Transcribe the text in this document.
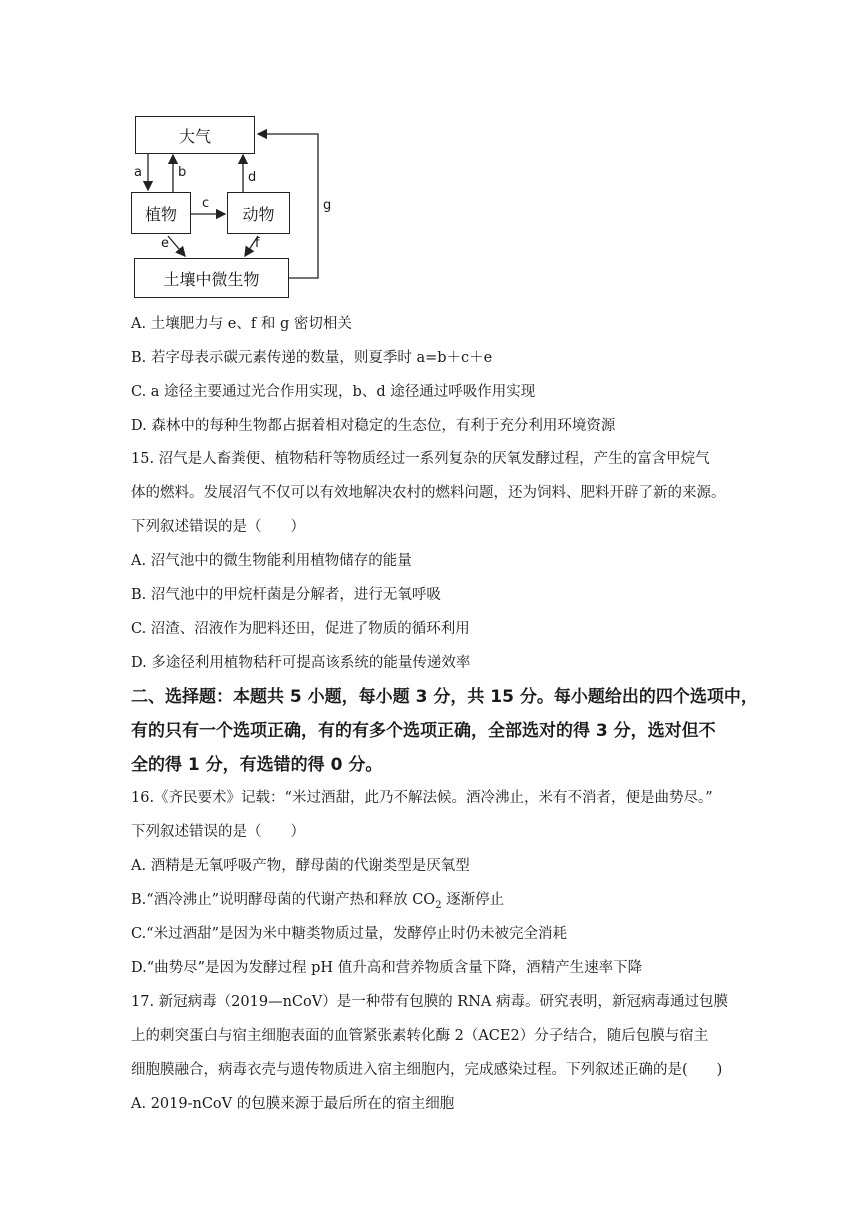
大气
植物	动物
土壤中微生物
a	b
c
d
e	f
g
A. 土壤肥力与 e、f 和 g 密切相关
B. 若字母表示碳元素传递的数量，则夏季时 a=b＋c＋e
C. a 途径主要通过光合作用实现，b、d 途径通过呼吸作用实现
D. 森林中的每种生物都占据着相对稳定的生态位，有利于充分利用环境资源
15. 沼气是人畜粪便、植物秸秆等物质经过一系列复杂的厌氧发酵过程，产生的富含甲烷气
体的燃料。发展沼气不仅可以有效地解决农村的燃料问题，还为饲料、肥料开辟了新的来源。
下列叙述错误的是（　　）
A. 沼气池中的微生物能利用植物储存的能量
B. 沼气池中的甲烷杆菌是分解者，进行无氧呼吸
C. 沼渣、沼液作为肥料还田，促进了物质的循环利用
D. 多途径利用植物秸秆可提高该系统的能量传递效率
二、选择题：本题共 5 小题，每小题 3 分，共 15 分。每小题给出的四个选项中，
有的只有一个选项正确，有的有多个选项正确，全部选对的得 3 分，选对但不
全的得 1 分，有选错的得 0 分。
16.《齐民要术》记载：“米过酒甜，此乃不解法候。酒冷沸止，米有不消者，便是曲势尽。”
下列叙述错误的是（　　）
A. 酒精是无氧呼吸产物，酵母菌的代谢类型是厌氧型
B.“酒冷沸止”说明酵母菌的代谢产热和释放 $CO_2$ 逐渐停止
C.“米过酒甜”是因为米中糖类物质过量，发酵停止时仍未被完全消耗
D.“曲势尽”是因为发酵过程 pH 值升高和营养物质含量下降，酒精产生速率下降
17. 新冠病毒（2019—nCoV）是一种带有包膜的 RNA 病毒。研究表明，新冠病毒通过包膜
上的刺突蛋白与宿主细胞表面的血管紧张素转化酶 2（ACE2）分子结合，随后包膜与宿主
细胞膜融合，病毒衣壳与遗传物质进入宿主细胞内，完成感染过程。下列叙述正确的是(　　)
A. 2019-nCoV 的包膜来源于最后所在的宿主细胞
